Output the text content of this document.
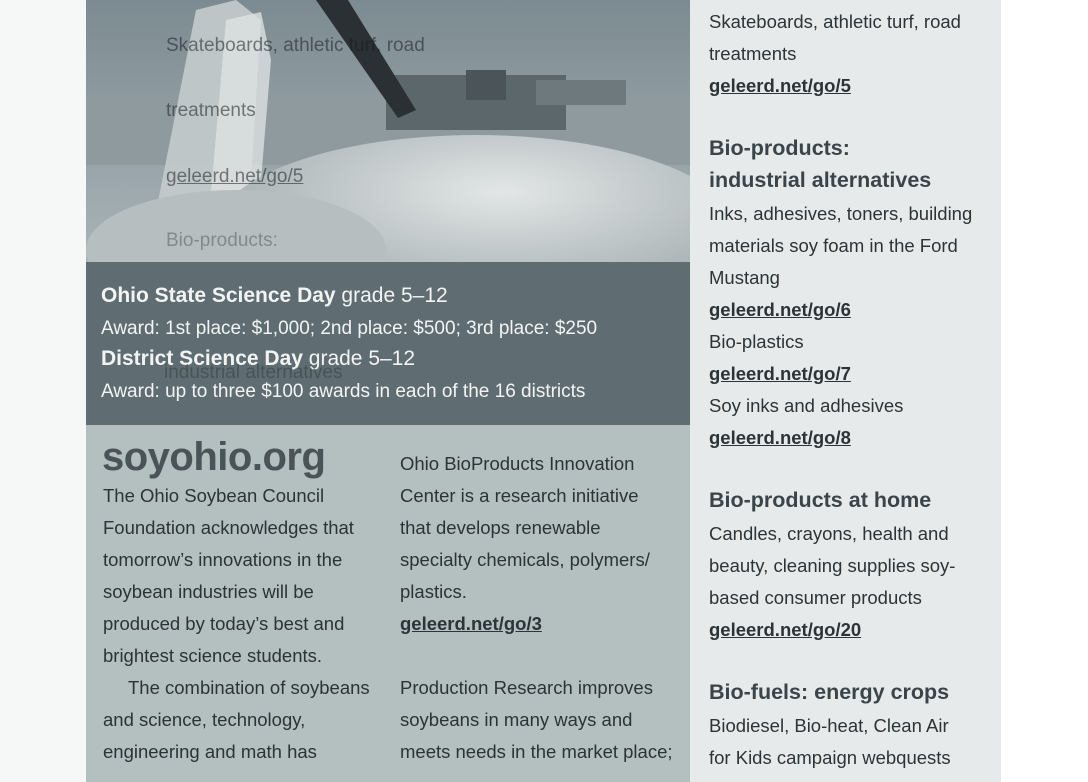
Skateboards, athletic turf, road
treatments
geleerd.net/go/5
Bio-products:
Ohio State Science Day grade 5–12
Award: 1st place: $1,000; 2nd place: $500; 3rd place: $250
District Science Day grade 5–12
Award: up to three $100 awards in each of the 16 districts
industrial alternatives
soyohio.org

The Ohio Soybean Council

Foundation acknowledges that

tomorrow’s innovations in the

soybean industries will be

produced by today’s best and

brightest science students.

The combination of soybeans

and science, technology,

engineering and math has

Ohio BioProducts Innovation

Center is a research initiative

that develops renewable

specialty chemicals, polymers/

plastics.

geleerd.net/go/3

Production Research improves

soybeans in many ways and

meets needs in the market place;

Skateboards, athletic turf, road
treatments
geleerd.net/go/5
Bio-products:
industrial alternatives
Inks, adhesives, toners, building
materials soy foam in the Ford
Mustang
geleerd.net/go/6
Bio-plastics
geleerd.net/go/7
Soy inks and adhesives
geleerd.net/go/8
Bio-products at home
Candles, crayons, health and
beauty, cleaning supplies soy-
based consumer products
geleerd.net/go/20
Bio-fuels: energy crops
Biodiesel, Bio-heat, Clean Air
for Kids campaign webquests
